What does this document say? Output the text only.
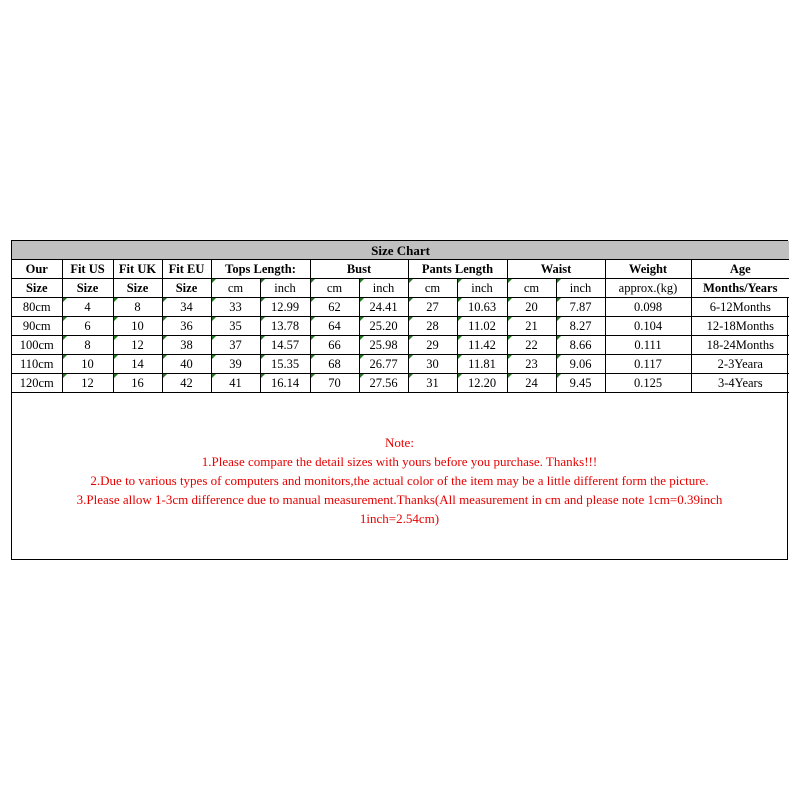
Size Chart													
Our	Fit US	Fit UK	Fit EU	Tops Length:		Bust		Pants Length		Waist		Weight	Age
Size	Size	Size	Size	cm	inch	cm	inch	cm	inch	cm	inch	approx.(kg)	Months/Years
80cm	4	8	34	33	12.99	62	24.41	27	10.63	20	7.87	0.098	6-12Months
90cm	6	10	36	35	13.78	64	25.20	28	11.02	21	8.27	0.104	12-18Months
100cm	8	12	38	37	14.57	66	25.98	29	11.42	22	8.66	0.111	18-24Months
110cm	10	14	40	39	15.35	68	26.77	30	11.81	23	9.06	0.117	2-3Yeara
120cm	12	16	42	41	16.14	70	27.56	31	12.20	24	9.45	0.125	3-4Years
Note:
1.Please compare the detail sizes with yours before you purchase. Thanks!!!
2.Due to various types of computers and monitors,the actual color of the item may be a little different form the picture.
3.Please allow 1-3cm difference due to manual measurement.Thanks(All measurement in cm and please note 1cm=0.39inch
1inch=2.54cm)
